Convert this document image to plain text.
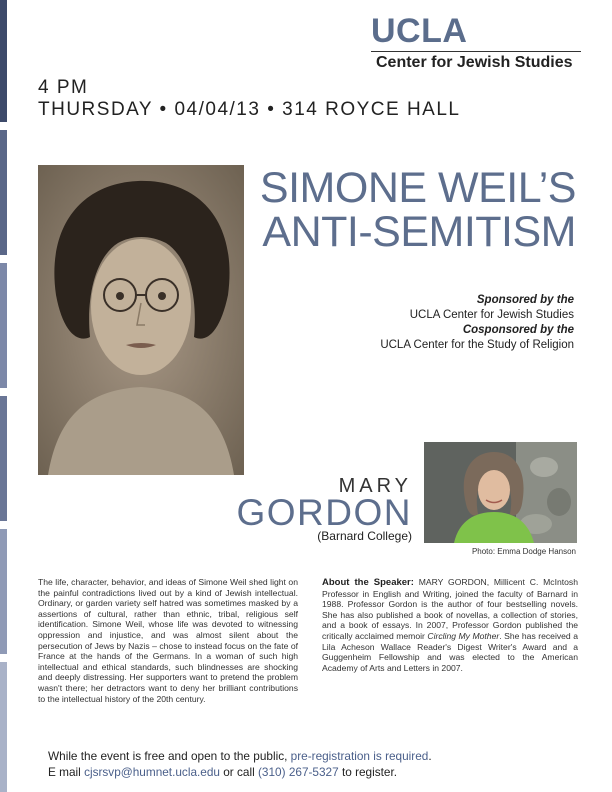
UCLA
Center for Jewish Studies
4 PM
THURSDAY • 04/04/13 • 314 ROYCE HALL
SIMONE WEIL’S
ANTI-SEMITISM
Sponsored by the
UCLA Center for Jewish Studies
Cosponsored by the
UCLA Center for the Study of Religion
MARY
GORDON
(Barnard College)
Photo: Emma Dodge Hanson

The life, character, behavior, and ideas of Simone Weil shed light on the painful contradictions lived out by a kind of Jewish intellectual. Ordinary, or garden variety self hatred was sometimes masked by a assertions of cultural, rather than ethnic, tribal, religious self identification. Simone Weil, whose life was devoted to witnessing oppression and injustice, and was almost silent about the persecution of Jews by Nazis – chose to instead focus on the fate of France at the hands of the Germans. In a woman of such high intellectual and ethical standards, such blindnesses are shocking and deeply distressing. Her supporters want to pretend the problem wasn't there; her detractors want to deny her brilliant contributions to the intellectual history of the 20th century.

About the Speaker: MARY GORDON, Millicent C. McIntosh Professor in English and Writing, joined the faculty of Barnard in 1988. Professor Gordon is the author of four bestselling novels. She has also published a book of novellas, a collection of stories, and a book of essays. In 2007, Professor Gordon published the critically acclaimed memoir Circling My Mother. She has received a Lila Acheson Wallace Reader's Digest Writer's Award and a Guggenheim Fellowship and was elected to the American Academy of Arts and Letters in 2007.

While the event is free and open to the public, pre-registration is required.
E mail cjsrsvp@humnet.ucla.edu or call (310) 267-5327 to register.
